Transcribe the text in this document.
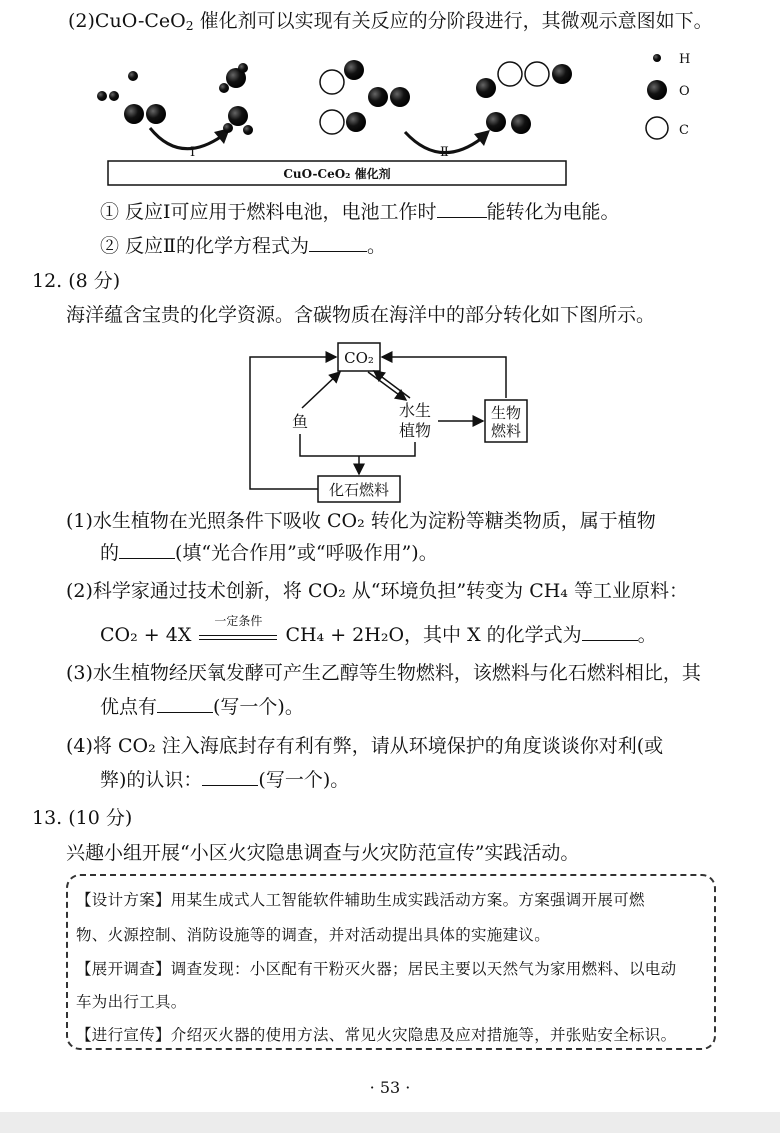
(2)CuO-CeO$_2$ 催化剂可以实现有关反应的分阶段进行，其微观示意图如下。
CuO-CeO₂ 催化剂
Ⅰ	Ⅱ
H
O
C
① 反应Ⅰ可应用于燃料电池，电池工作时	能转化为电能。
② 反应Ⅱ的化学方程式为	。
12. (8 分)
海洋蕴含宝贵的化学资源。含碳物质在海洋中的部分转化如下图所示。
CO₂
鱼
水生
植物
生物
燃料
化石燃料
(1)水生植物在光照条件下吸收 CO₂ 转化为淀粉等糖类物质，属于植物
的	(填“光合作用”或“呼吸作用”)。
(2)科学家通过技术创新，将 CO₂ 从“环境负担”转变为 CH₄ 等工业原料：
CO₂ + 4X
一定条件
CH₄ + 2H₂O，其中 X 的化学式为	。
(3)水生植物经厌氧发酵可产生乙醇等生物燃料，该燃料与化石燃料相比，其
优点有	(写一个)。
(4)将 CO₂ 注入海底封存有利有弊，请从环境保护的角度谈谈你对利(或
弊)的认识：	(写一个)。
13. (10 分)
兴趣小组开展“小区火灾隐患调查与火灾防范宣传”实践活动。
【设计方案】用某生成式人工智能软件辅助生成实践活动方案。方案强调开展可燃
物、火源控制、消防设施等的调查，并对活动提出具体的实施建议。
【展开调查】调查发现：小区配有干粉灭火器；居民主要以天然气为家用燃料、以电动
车为出行工具。
【进行宣传】介绍灭火器的使用方法、常见火灾隐患及应对措施等，并张贴安全标识。
· 53 ·
